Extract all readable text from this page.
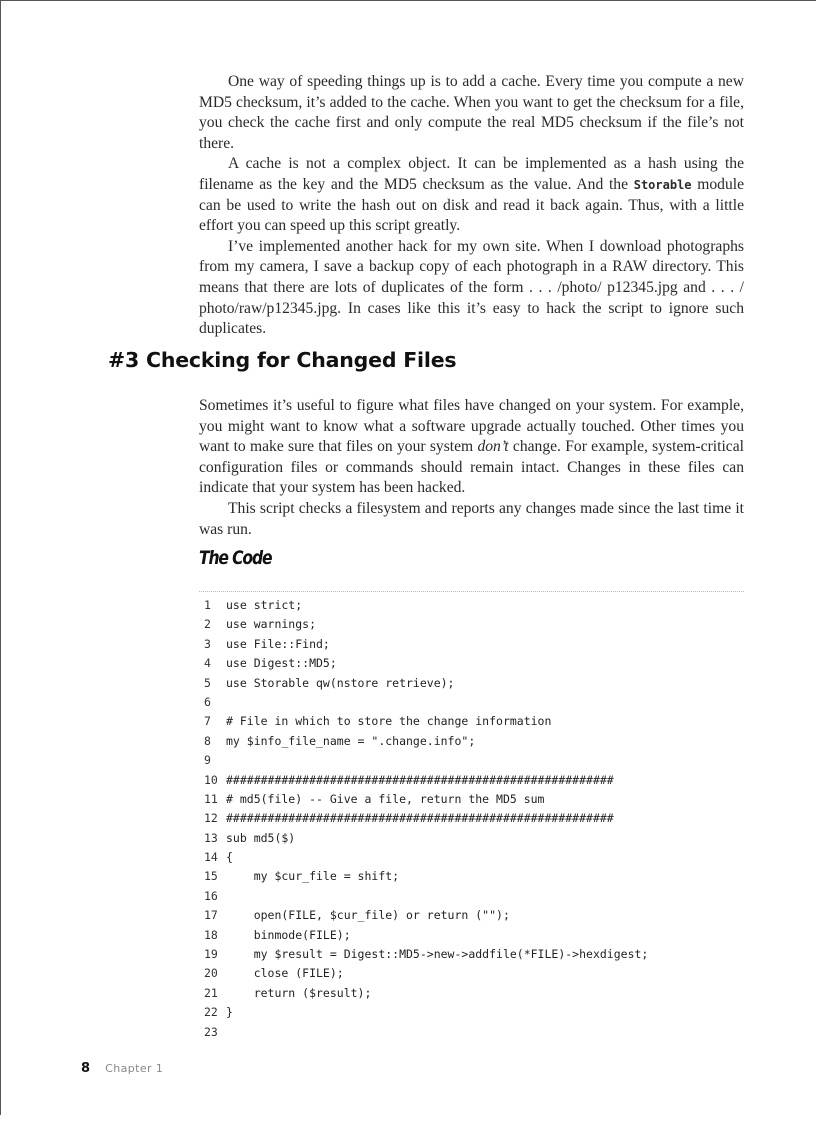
One way of speeding things up is to add a cache. Every time you compute a new MD5 checksum, it’s added to the cache. When you want to get the checksum for a file, you check the cache first and only compute the real MD5 checksum if the file’s not there.

A cache is not a complex object. It can be implemented as a hash using the filename as the key and the MD5 checksum as the value. And the Storable module can be used to write the hash out on disk and read it back again. Thus, with a little effort you can speed up this script greatly.

I’ve implemented another hack for my own site. When I download photographs from my camera, I save a backup copy of each photograph in a RAW directory. This means that there are lots of duplicates of the form . . . /photo/ p12345.jpg and . . . / photo/raw/p12345.jpg. In cases like this it’s easy to hack the script to ignore such duplicates.

#3 Checking for Changed Files

Sometimes it’s useful to figure what files have changed on your system. For example, you might want to know what a software upgrade actually touched. Other times you want to make sure that files on your system don’t change. For example, system-critical configuration files or commands should remain intact. Changes in these files can indicate that your system has been hacked.

This script checks a filesystem and reports any changes made since the last time it was run.

The Code
1	use strict;
2	use warnings;
3	use File::Find;
4	use Digest::MD5;
5	use Storable qw(nstore retrieve);
6
7	# File in which to store the change information
8	my $info_file_name = ".change.info";
9
10 ########################################################
11 # md5(file) -- Give a file, return the MD5 sum
12 ########################################################
13 sub md5($)
14 {
15 my $cur_file = shift;
16
17 open(FILE, $cur_file) or return ("");
18 binmode(FILE);
19 my $result = Digest::MD5->new->addfile(*FILE)->hexdigest;
20 close (FILE);
21 return ($result);
22 }
23
8 Chapter 1
